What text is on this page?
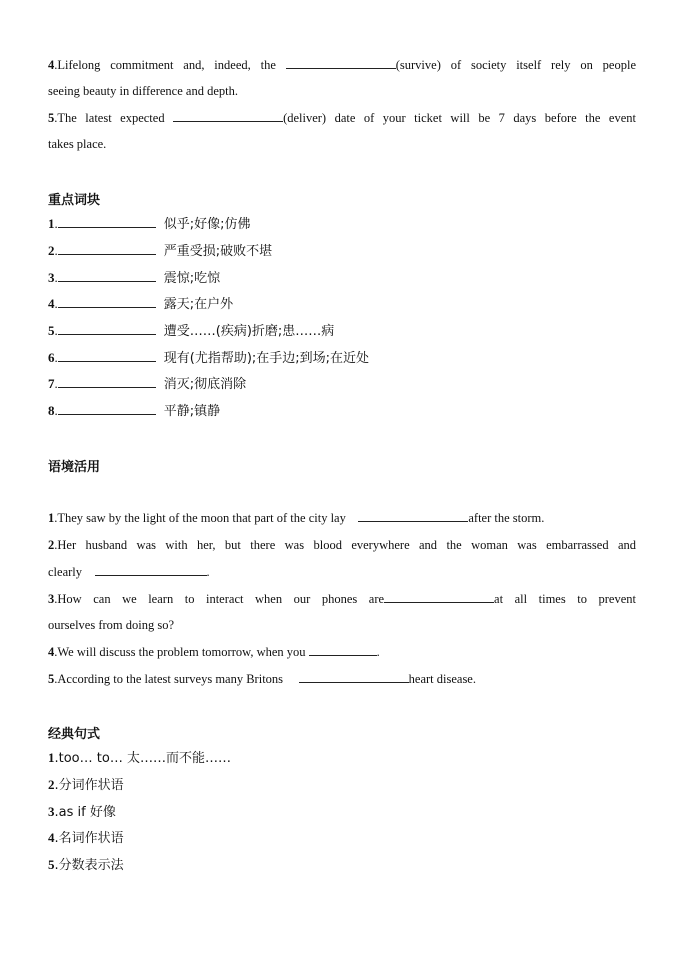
4.Lifelong commitment and, indeed, the	(survive) of society itself rely on people
seeing beauty in difference and depth.
5.The latest expected	(deliver) date of your ticket will be 7 days before the event
takes place.
重点词块
1.	似乎;好像;仿佛
2.	严重受损;破败不堪
3.	震惊;吃惊
4.	露天;在户外
5.	遭受……(疾病)折磨;患……病
6.	现有(尤指帮助);在手边;到场;在近处
7.	消灭;彻底消除
8.	平静;镇静
语境活用
1.They saw by the light of the moon that part of the city lay	after the storm.
2.Her husband was with her, but there was blood everywhere and the woman was embarrassed and
clearly	.
3.How can we learn to interact when our phones are	at all times to prevent
ourselves from doing so?
4.We will discuss the problem tomorrow, when you	.
5.According to the latest surveys many Britons	heart disease.
经典句式
1.too… to… 太……而不能……
2.分词作状语
3.as if 好像
4.名词作状语
5.分数表示法
